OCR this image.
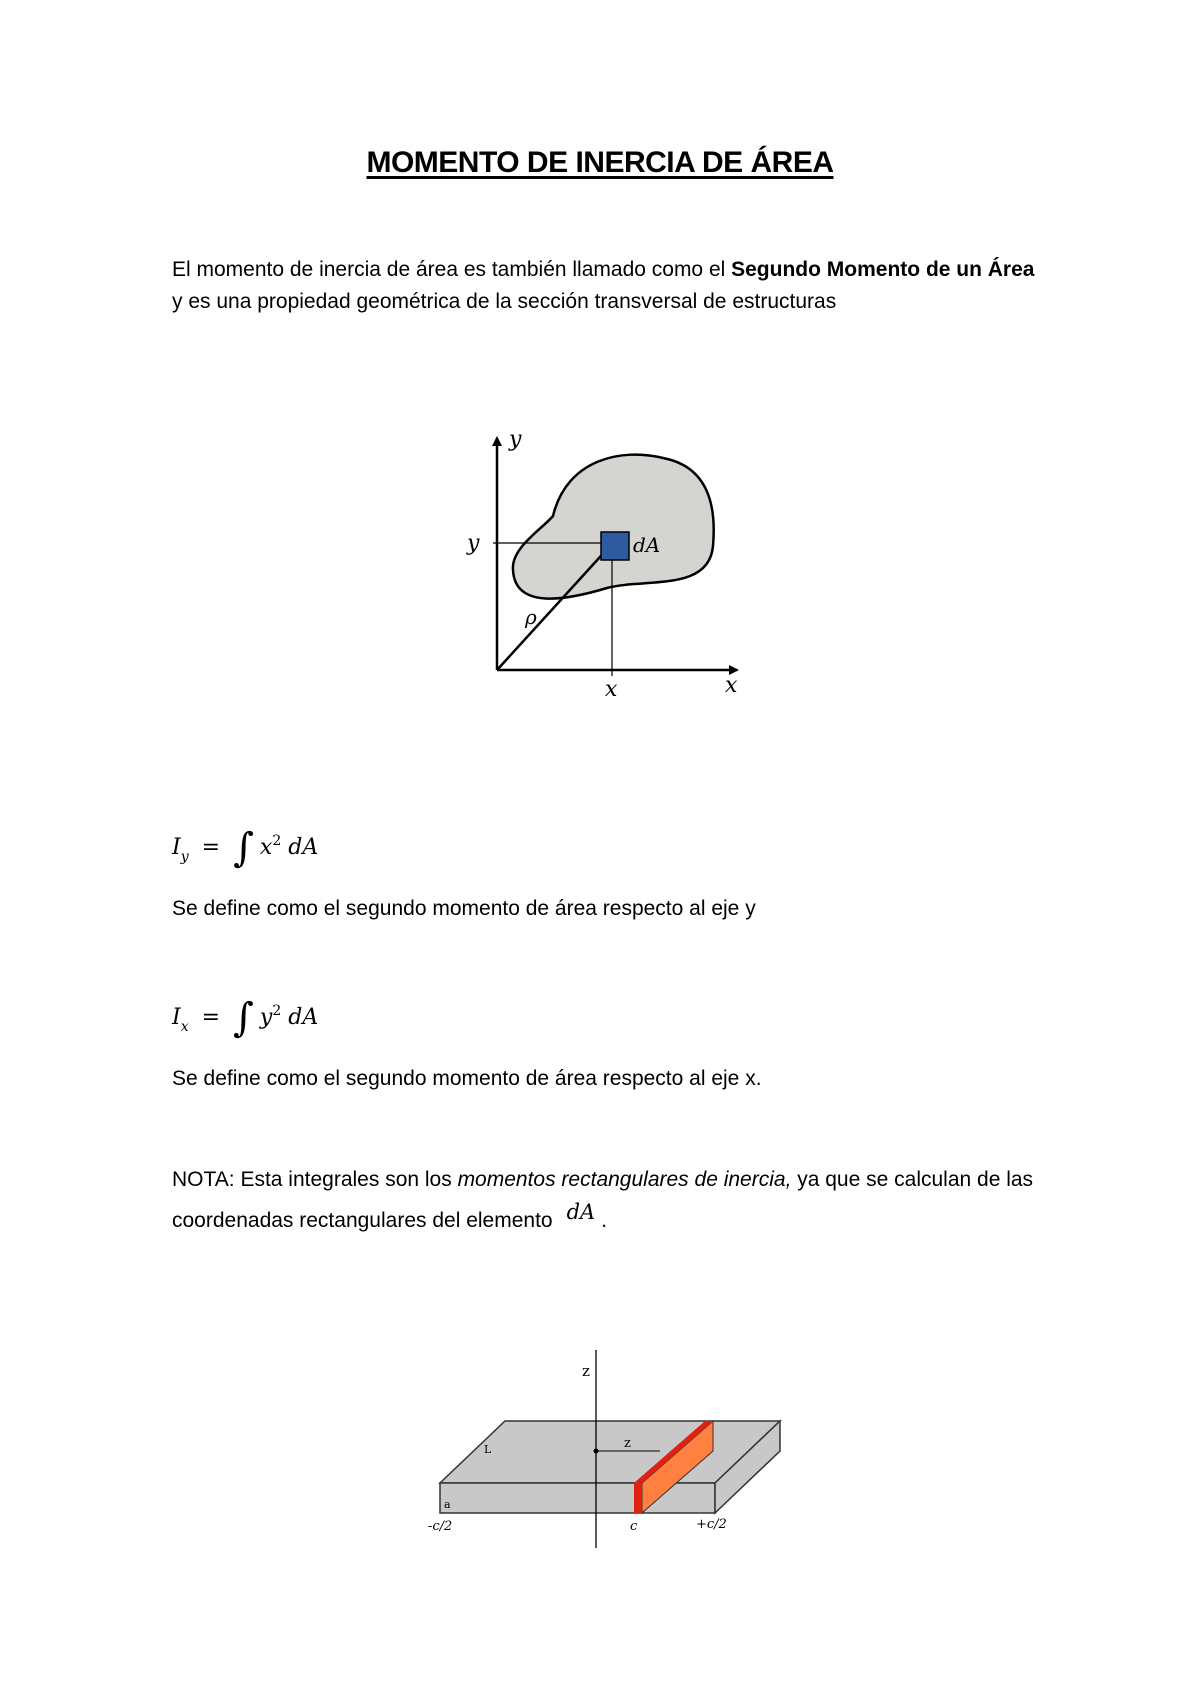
MOMENTO DE INERCIA DE ÁREA
El momento de inercia de área es también llamado como el Segundo Momento de un Área y es una propiedad geométrica de la sección transversal de estructuras
y
x
y
x
dA
ρ
$I_y$ = ∫ $x^2$ dA
Se define como el segundo momento de área respecto al eje y
$I_x$ = ∫ $y^2$ dA
Se define como el segundo momento de área respecto al eje x.
NOTA: Esta integrales son los momentos rectangulares de inercia, ya que se calculan de las coordenadas rectangulares del elemento dA .
z
z
L
a
-c/2	c	+c/2
